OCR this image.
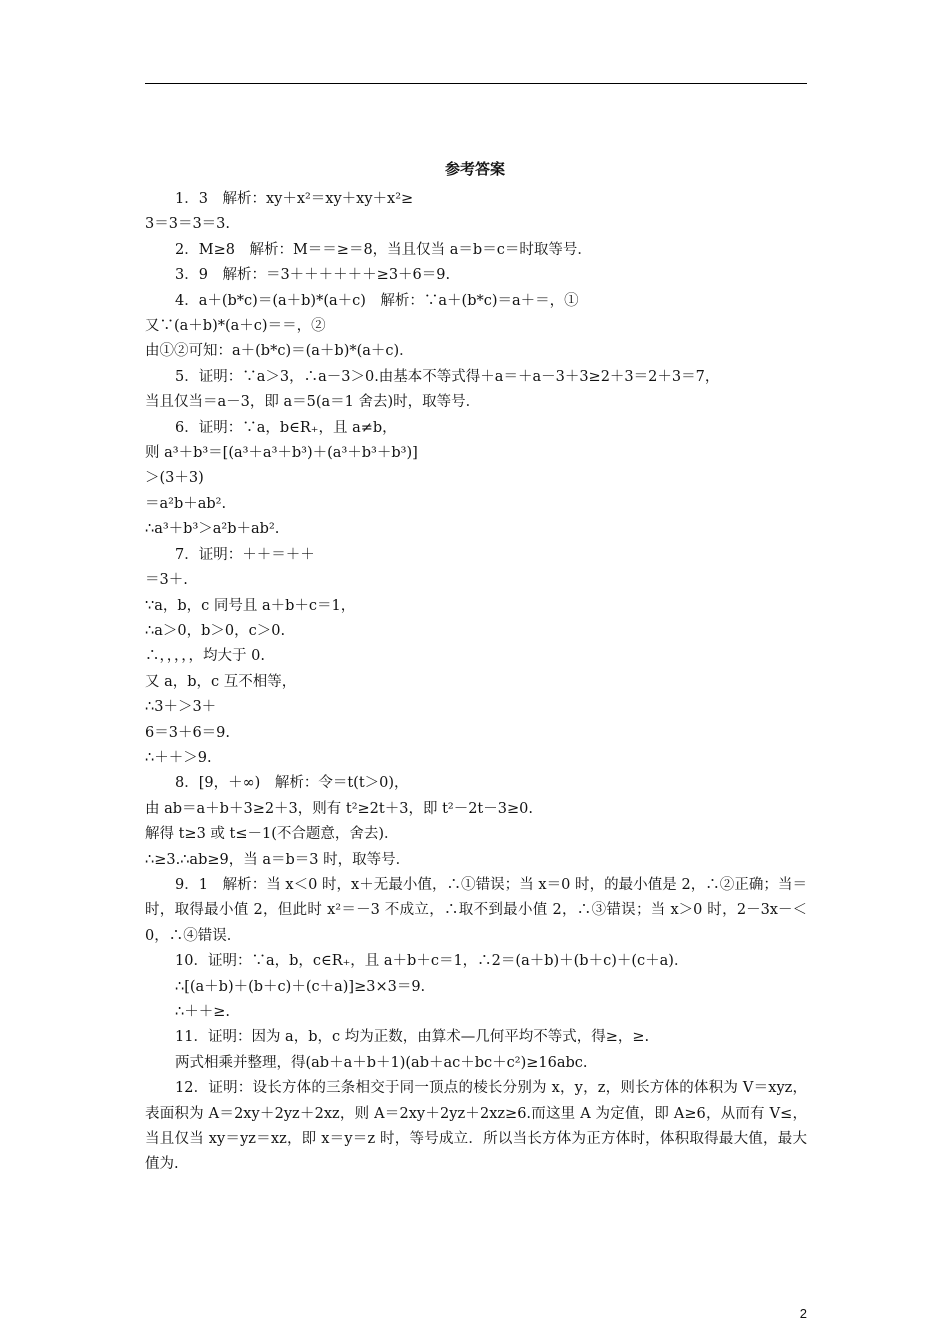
参考答案
1．3　解析：xy＋x²＝xy＋xy＋x²≥
3＝3＝3＝3.
2．M≥8　解析：M＝＝≥＝8，当且仅当 a＝b＝c＝时取等号．
3．9　解析：＝3＋＋＋＋＋＋≥3＋6＝9.
4．a＋(b*c)＝(a＋b)*(a＋c)　解析：∵a＋(b*c)＝a＋＝，①
又∵(a＋b)*(a＋c)＝＝，②
由①②可知：a＋(b*c)＝(a＋b)*(a＋c)．
5．证明：∵a＞3，∴a－3＞0.由基本不等式得＋a＝＋a－3＋3≥2＋3＝2＋3＝7，
当且仅当＝a－3，即 a＝5(a＝1 舍去)时，取等号．
6．证明：∵a，b∈R₊，且 a≠b，
则 a³＋b³＝[(a³＋a³＋b³)＋(a³＋b³＋b³)]
＞(3＋3)
＝a²b＋ab².
∴a³＋b³＞a²b＋ab².
7．证明：＋＋＝＋＋
＝3＋.
∵a，b，c 同号且 a＋b＋c＝1，
∴a＞0，b＞0，c＞0.
∴，，，，，均大于 0.
又 a，b，c 互不相等，
∴3＋＞3＋
6＝3＋6＝9.
∴＋＋＞9.
8．[9，＋∞)　解析：令＝t(t＞0)，
由 ab＝a＋b＋3≥2＋3，则有 t²≥2t＋3，即 t²－2t－3≥0.
解得 t≥3 或 t≤－1(不合题意，舍去)．
∴≥3.∴ab≥9，当 a＝b＝3 时，取等号．
9．1　解析：当 x＜0 时，x＋无最小值，∴①错误；当 x＝0 时，的最小值是 2，∴②正确；当＝时，取得最小值 2，但此时 x²＝－3 不成立，∴取不到最小值 2，∴③错误；当 x＞0 时，2－3x－＜0，∴④错误．
10．证明：∵a，b，c∈R₊，且 a＋b＋c＝1，∴2＝(a＋b)＋(b＋c)＋(c＋a)．
∴[(a＋b)＋(b＋c)＋(c＋a)]≥3×3＝9.
∴＋＋≥.
11．证明：因为 a，b，c 均为正数，由算术—几何平均不等式，得≥，≥.
两式相乘并整理，得(ab＋a＋b＋1)(ab＋ac＋bc＋c²)≥16abc.
12．证明：设长方体的三条相交于同一顶点的棱长分别为 x，y，z，则长方体的体积为 V＝xyz，表面积为 A＝2xy＋2yz＋2xz，则 A＝2xy＋2yz＋2xz≥6.而这里 A 为定值，即 A≥6，从而有 V≤，当且仅当 xy＝yz＝xz，即 x＝y＝z 时，等号成立．所以当长方体为正方体时，体积取得最大值，最大值为.
2
